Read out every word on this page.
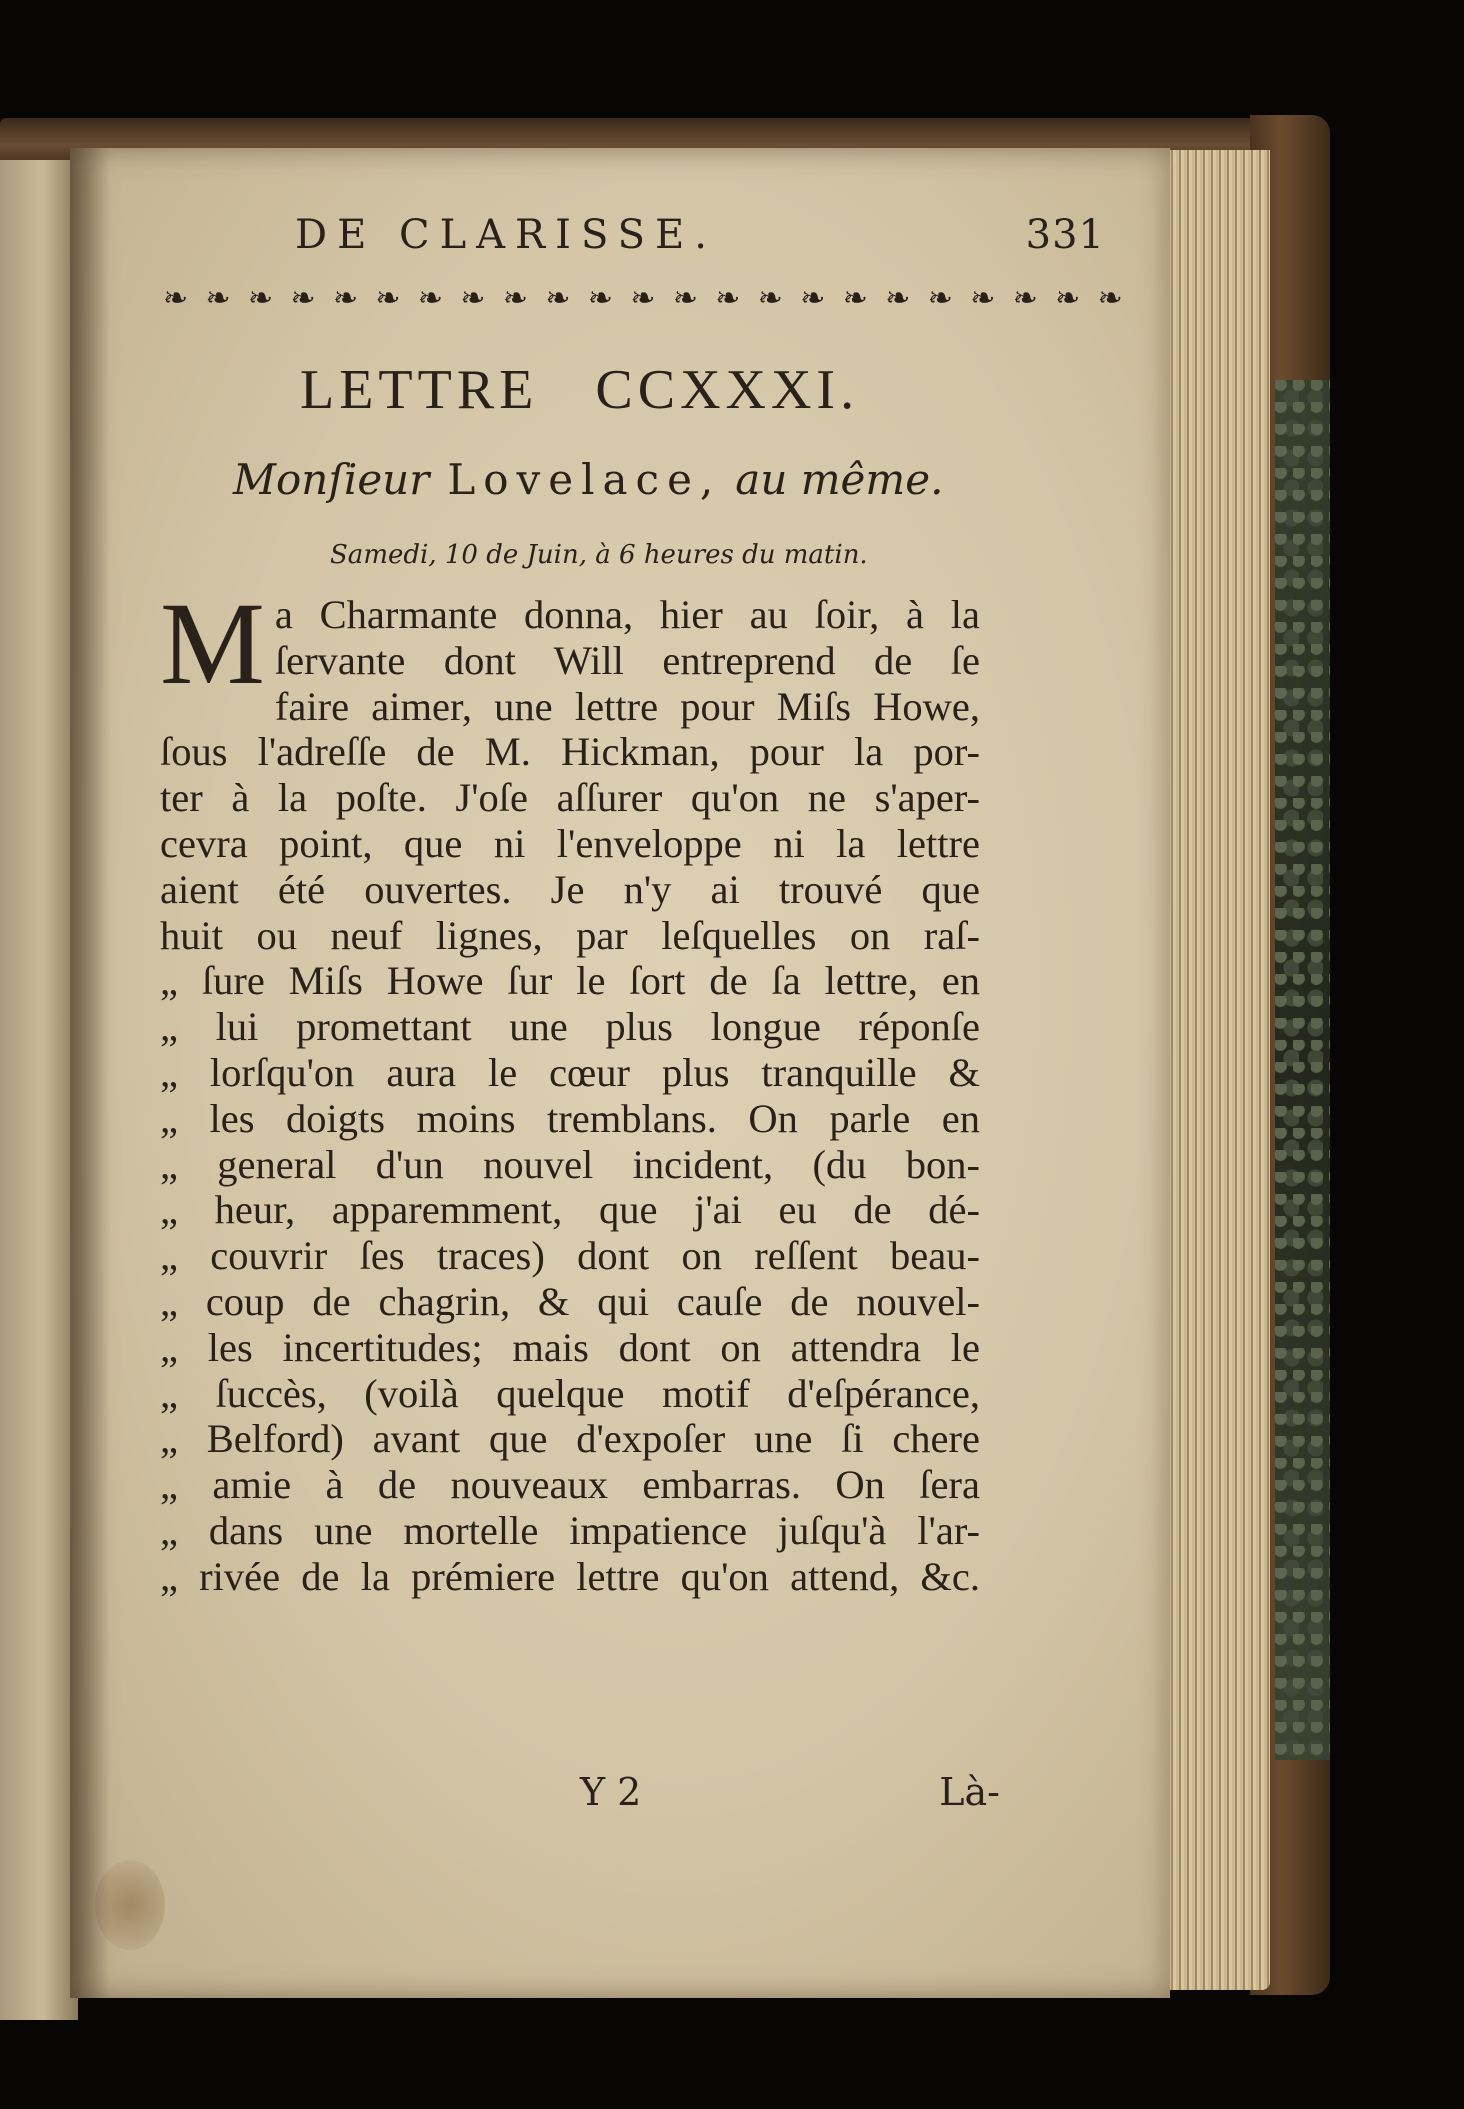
DE CLARISSE.	331
❧ ❧ ❧ ❧ ❧ ❧ ❧ ❧ ❧ ❧ ❧ ❧ ❧ ❧ ❧ ❧ ❧ ❧ ❧ ❧ ❧ ❧ ❧
LETTRE   CCXXXI.
Monſieur Lovelace, au même.
Samedi, 10 de Juin, à 6 heures du matin.
M a Charmante donna, hier au ſoir, à la
ſervante dont Will entreprend de ſe
faire aimer, une lettre pour Miſs Howe,
ſous l'adreſſe de M. Hickman, pour la por-
ter à la poſte. J'oſe aſſurer qu'on ne s'aper-
cevra point, que ni l'enveloppe ni la lettre
aient été ouvertes. Je n'y ai trouvé que
huit ou neuf lignes, par leſquelles on raſ-
„ ſure Miſs Howe ſur le ſort de ſa lettre, en
„ lui promettant une plus longue réponſe
„ lorſqu'on aura le cœur plus tranquille &
„ les doigts moins tremblans. On parle en
„ general d'un nouvel incident, (du bon-
„ heur, apparemment, que j'ai eu de dé-
„ couvrir ſes traces) dont on reſſent beau-
„ coup de chagrin, & qui cauſe de nouvel-
„ les incertitudes; mais dont on attendra le
„ ſuccès, (voilà quelque motif d'eſpérance,
„ Belford) avant que d'expoſer une ſi chere
„ amie à de nouveaux embarras. On ſera
„ dans une mortelle impatience juſqu'à l'ar-
„ rivée de la prémiere lettre qu'on attend, &c.
Y 2	Là-
